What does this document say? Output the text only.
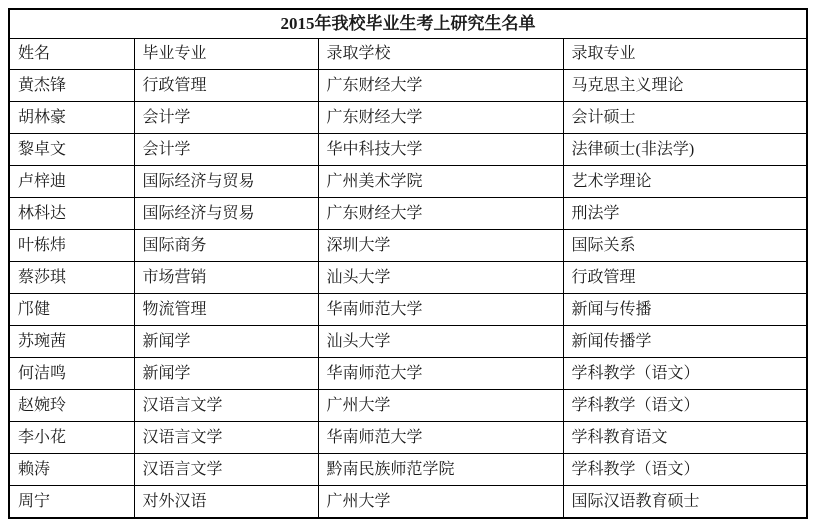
2015年我校毕业生考上研究生名单			
姓名	毕业专业	录取学校	录取专业
黄杰锋	行政管理	广东财经大学	马克思主义理论
胡林豪	会计学	广东财经大学	会计硕士
黎卓文	会计学	华中科技大学	法律硕士(非法学)
卢梓迪	国际经济与贸易	广州美术学院	艺术学理论
林科达	国际经济与贸易	广东财经大学	刑法学
叶栋炜	国际商务	深圳大学	国际关系
蔡莎琪	市场营销	汕头大学	行政管理
邝健	物流管理	华南师范大学	新闻与传播
苏琬茜	新闻学	汕头大学	新闻传播学
何洁鸣	新闻学	华南师范大学	学科教学（语文）
赵婉玲	汉语言文学	广州大学	学科教学（语文）
李小花	汉语言文学	华南师范大学	学科教育语文
赖涛	汉语言文学	黔南民族师范学院	学科教学（语文）
周宁	对外汉语	广州大学	国际汉语教育硕士
